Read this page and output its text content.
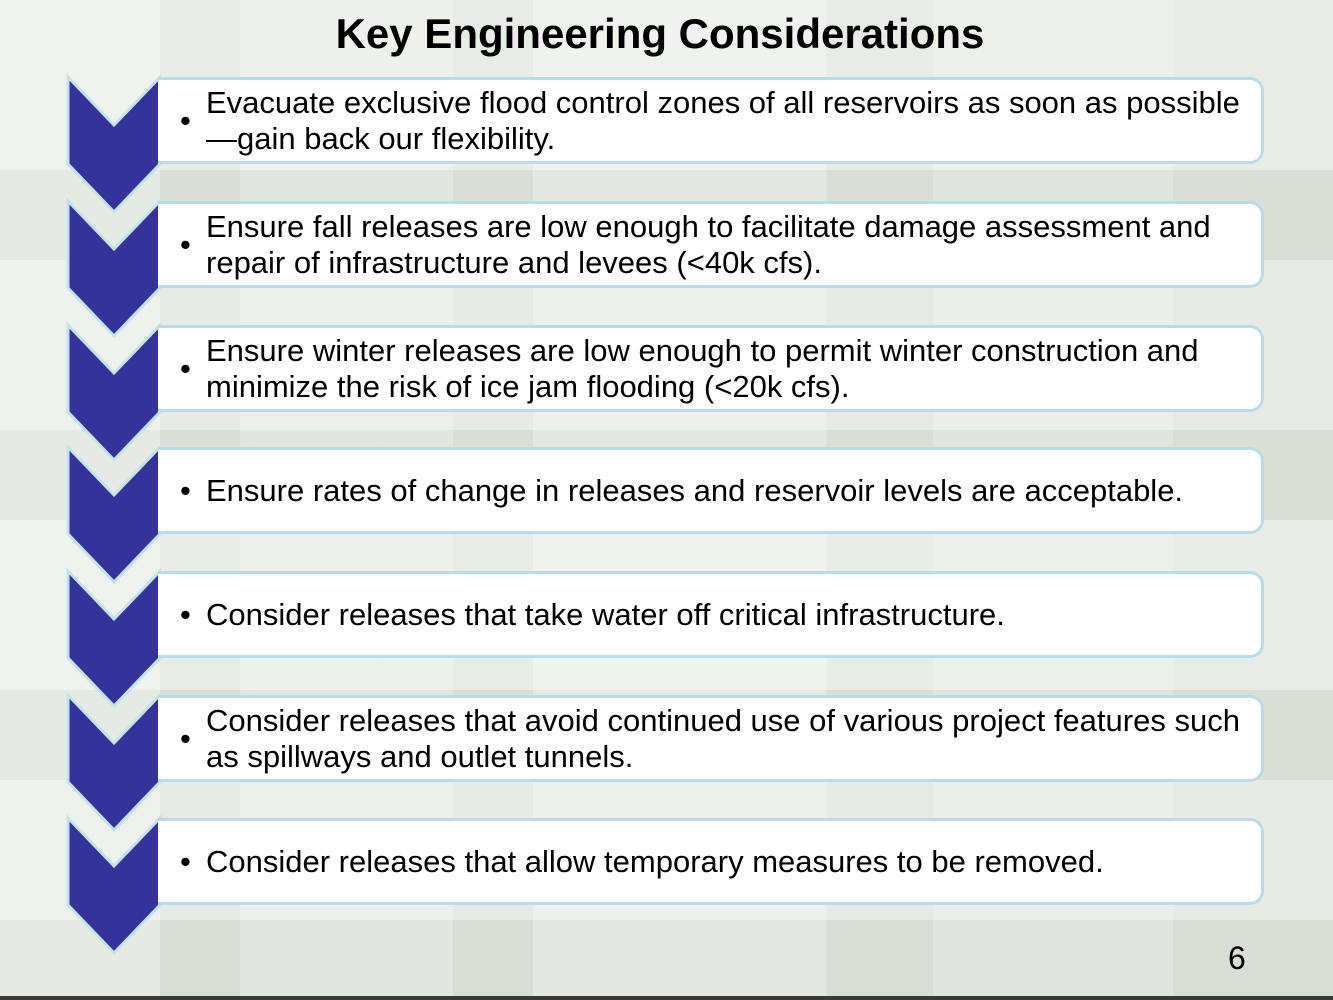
Key Engineering Considerations
•
Evacuate exclusive flood control zones of all reservoirs as soon as possible—gain back our flexibility.
•
Ensure fall releases are low enough to facilitate damage assessment and repair of infrastructure and levees (<40k cfs).
•
Ensure winter releases are low enough to permit winter construction and minimize the risk of ice jam flooding (<20k cfs).
• Ensure rates of change in releases and reservoir levels are acceptable.
• Consider releases that take water off critical infrastructure.
•
Consider releases that avoid continued use of various project features such as spillways and outlet tunnels.
• Consider releases that allow temporary measures to be removed.
6
